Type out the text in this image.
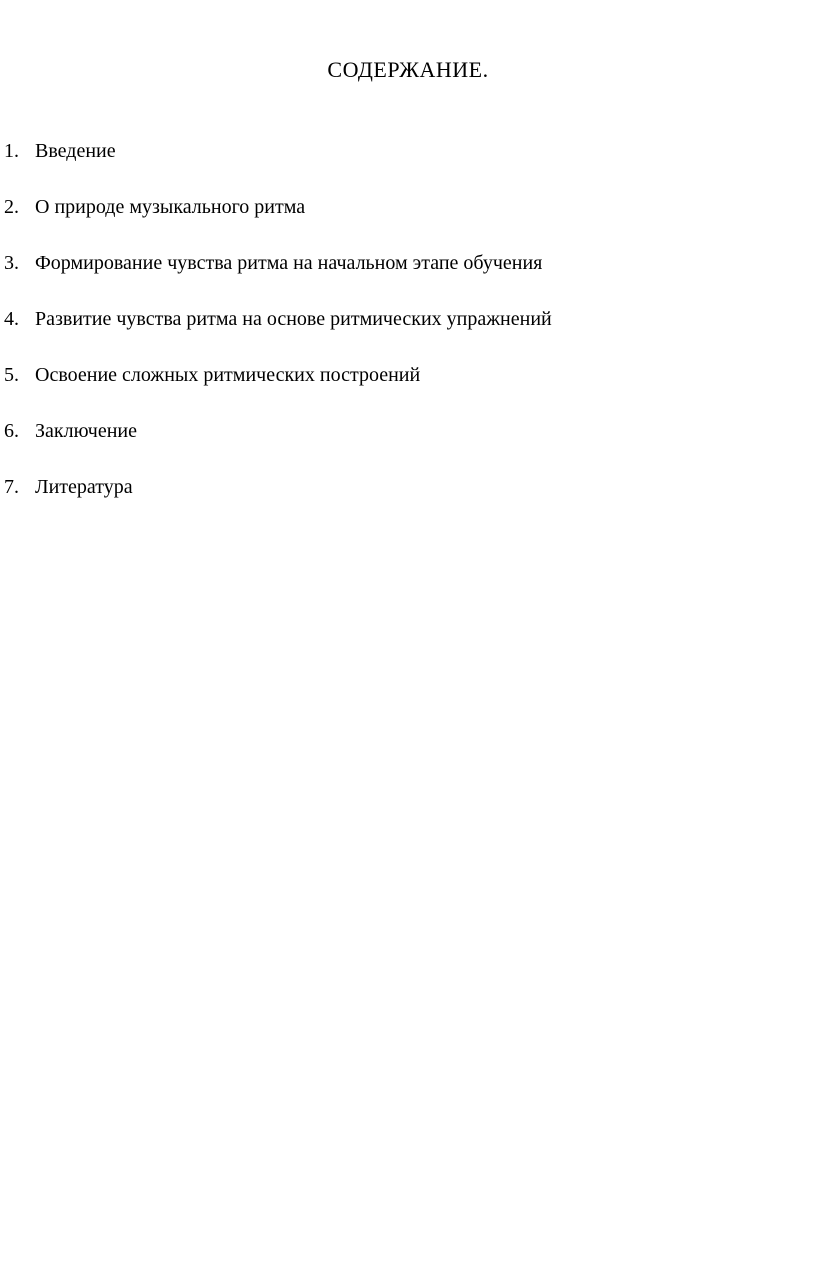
СОДЕРЖАНИЕ.
1. Введение
2. О природе музыкального ритма
3. Формирование чувства ритма на начальном этапе обучения
4. Развитие чувства ритма на основе ритмических упражнений
5. Освоение сложных ритмических построений
6. Заключение
7. Литература
